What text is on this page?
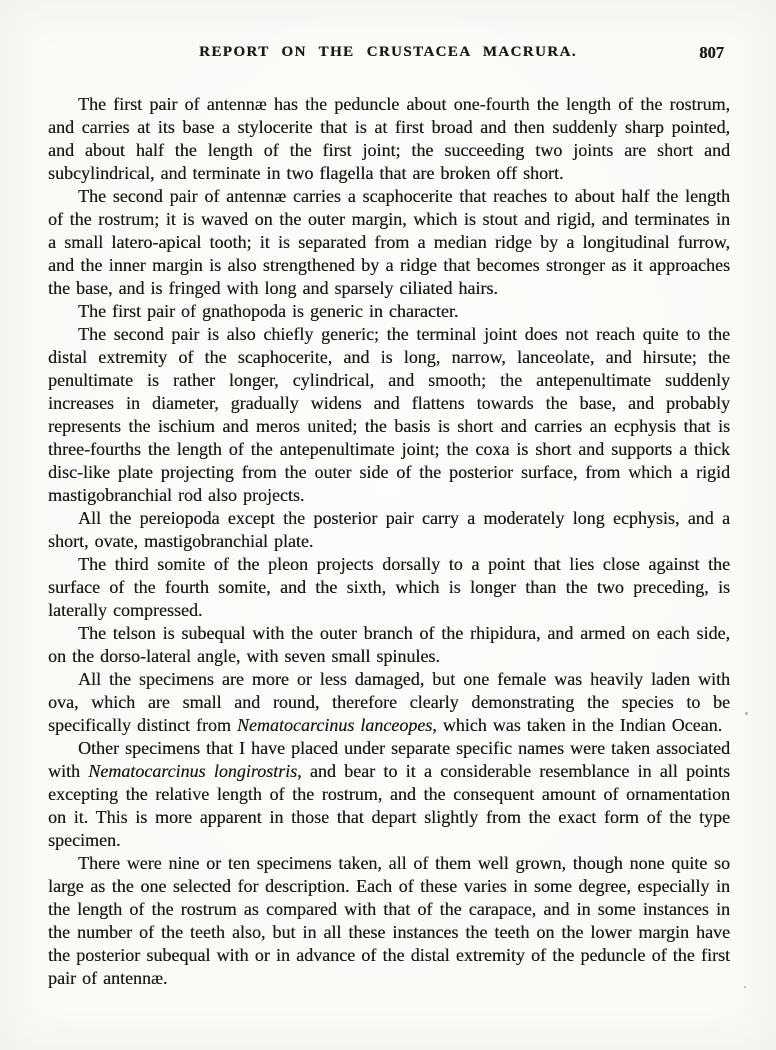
REPORT ON THE CRUSTACEA MACRURA.	807

The first pair of antennæ has the peduncle about one-fourth the length of the rostrum, and carries at its base a stylocerite that is at first broad and then suddenly sharp pointed, and about half the length of the first joint; the succeeding two joints are short and subcylindrical, and terminate in two flagella that are broken off short.

The second pair of antennæ carries a scaphocerite that reaches to about half the length of the rostrum; it is waved on the outer margin, which is stout and rigid, and terminates in a small latero-apical tooth; it is separated from a median ridge by a longitudinal furrow, and the inner margin is also strengthened by a ridge that becomes stronger as it approaches the base, and is fringed with long and sparsely ciliated hairs.

The first pair of gnathopoda is generic in character.

The second pair is also chiefly generic; the terminal joint does not reach quite to the distal extremity of the scaphocerite, and is long, narrow, lanceolate, and hirsute; the penultimate is rather longer, cylindrical, and smooth; the antepenultimate suddenly increases in diameter, gradually widens and flattens towards the base, and probably represents the ischium and meros united; the basis is short and carries an ecphysis that is three-fourths the length of the antepenultimate joint; the coxa is short and supports a thick disc-like plate projecting from the outer side of the posterior surface, from which a rigid mastigobranchial rod also projects.

All the pereiopoda except the posterior pair carry a moderately long ecphysis, and a short, ovate, mastigobranchial plate.

The third somite of the pleon projects dorsally to a point that lies close against the surface of the fourth somite, and the sixth, which is longer than the two preceding, is laterally compressed.

The telson is subequal with the outer branch of the rhipidura, and armed on each side, on the dorso-lateral angle, with seven small spinules.

All the specimens are more or less damaged, but one female was heavily laden with ova, which are small and round, therefore clearly demonstrating the species to be specifically distinct from Nematocarcinus lanceopes, which was taken in the Indian Ocean.

Other specimens that I have placed under separate specific names were taken associated with Nematocarcinus longirostris, and bear to it a considerable resemblance in all points excepting the relative length of the rostrum, and the consequent amount of ornamentation on it. This is more apparent in those that depart slightly from the exact form of the type specimen.

There were nine or ten specimens taken, all of them well grown, though none quite so large as the one selected for description. Each of these varies in some degree, especially in the length of the rostrum as compared with that of the carapace, and in some instances in the number of the teeth also, but in all these instances the teeth on the lower margin have the posterior subequal with or in advance of the distal extremity of the peduncle of the first pair of antennæ.
